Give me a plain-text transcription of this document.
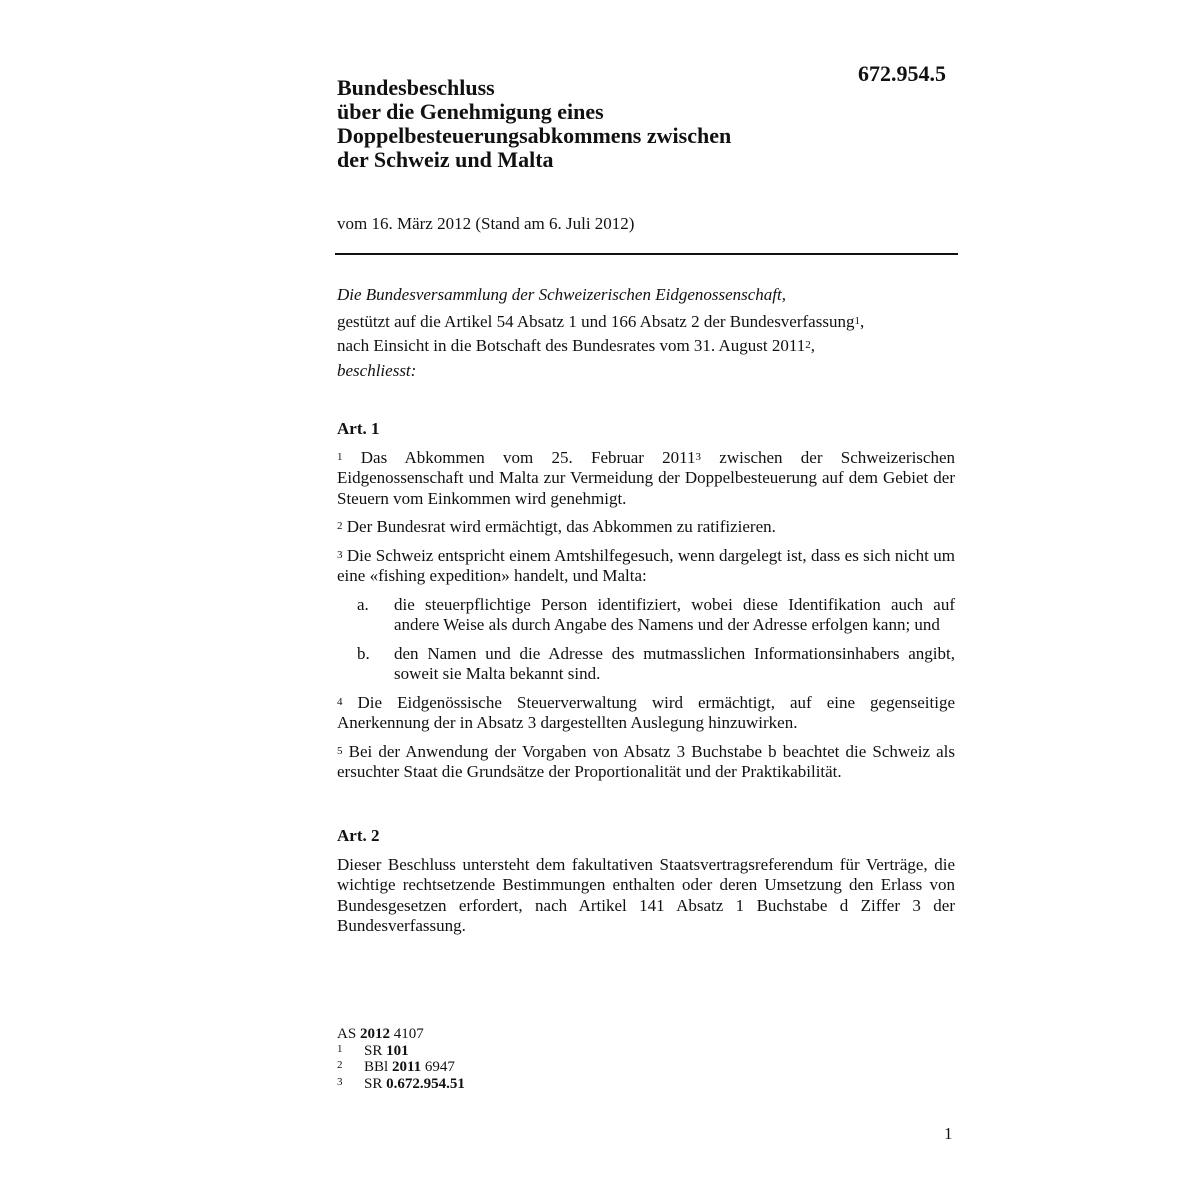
672.954.5
Bundesbeschluss
über die Genehmigung eines
Doppelbesteuerungsabkommens zwischen
der Schweiz und Malta
vom 16. März 2012 (Stand am 6. Juli 2012)

Die Bundesversammlung der Schweizerischen Eidgenossenschaft,

gestützt auf die Artikel 54 Absatz 1 und 166 Absatz 2 der Bundesverfassung$^1$,

nach Einsicht in die Botschaft des Bundesrates vom 31. August 2011$^2$,

beschliesst:

Art. 1

$^1$ Das Abkommen vom 25. Februar 2011$^3$ zwischen der Schweizerischen Eidgenossenschaft und Malta zur Vermeidung der Doppelbesteuerung auf dem Gebiet der Steuern vom Einkommen wird genehmigt.

$^2$ Der Bundesrat wird ermächtigt, das Abkommen zu ratifizieren.

$^3$ Die Schweiz entspricht einem Amtshilfegesuch, wenn dargelegt ist, dass es sich nicht um eine «fishing expedition» handelt, und Malta:

a.	die steuerpflichtige Person identifiziert, wobei diese Identifikation auch auf andere Weise als durch Angabe des Namens und der Adresse erfolgen kann; und
b.	den Namen und die Adresse des mutmasslichen Informationsinhabers angibt, soweit sie Malta bekannt sind.

$^4$ Die Eidgenössische Steuerverwaltung wird ermächtigt, auf eine gegenseitige Anerkennung der in Absatz 3 dargestellten Auslegung hinzuwirken.

$^5$ Bei der Anwendung der Vorgaben von Absatz 3 Buchstabe b beachtet die Schweiz als ersuchter Staat die Grundsätze der Proportionalität und der Praktikabilität.

Art. 2

Dieser Beschluss untersteht dem fakultativen Staatsvertragsreferendum für Verträge, die wichtige rechtsetzende Bestimmungen enthalten oder deren Umsetzung den Erlass von Bundesgesetzen erfordert, nach Artikel 141 Absatz 1 Buchstabe d Ziffer 3 der Bundesverfassung.

AS 2012 4107
1	SR 101
2	BBl 2011 6947
3	SR 0.672.954.51
1
